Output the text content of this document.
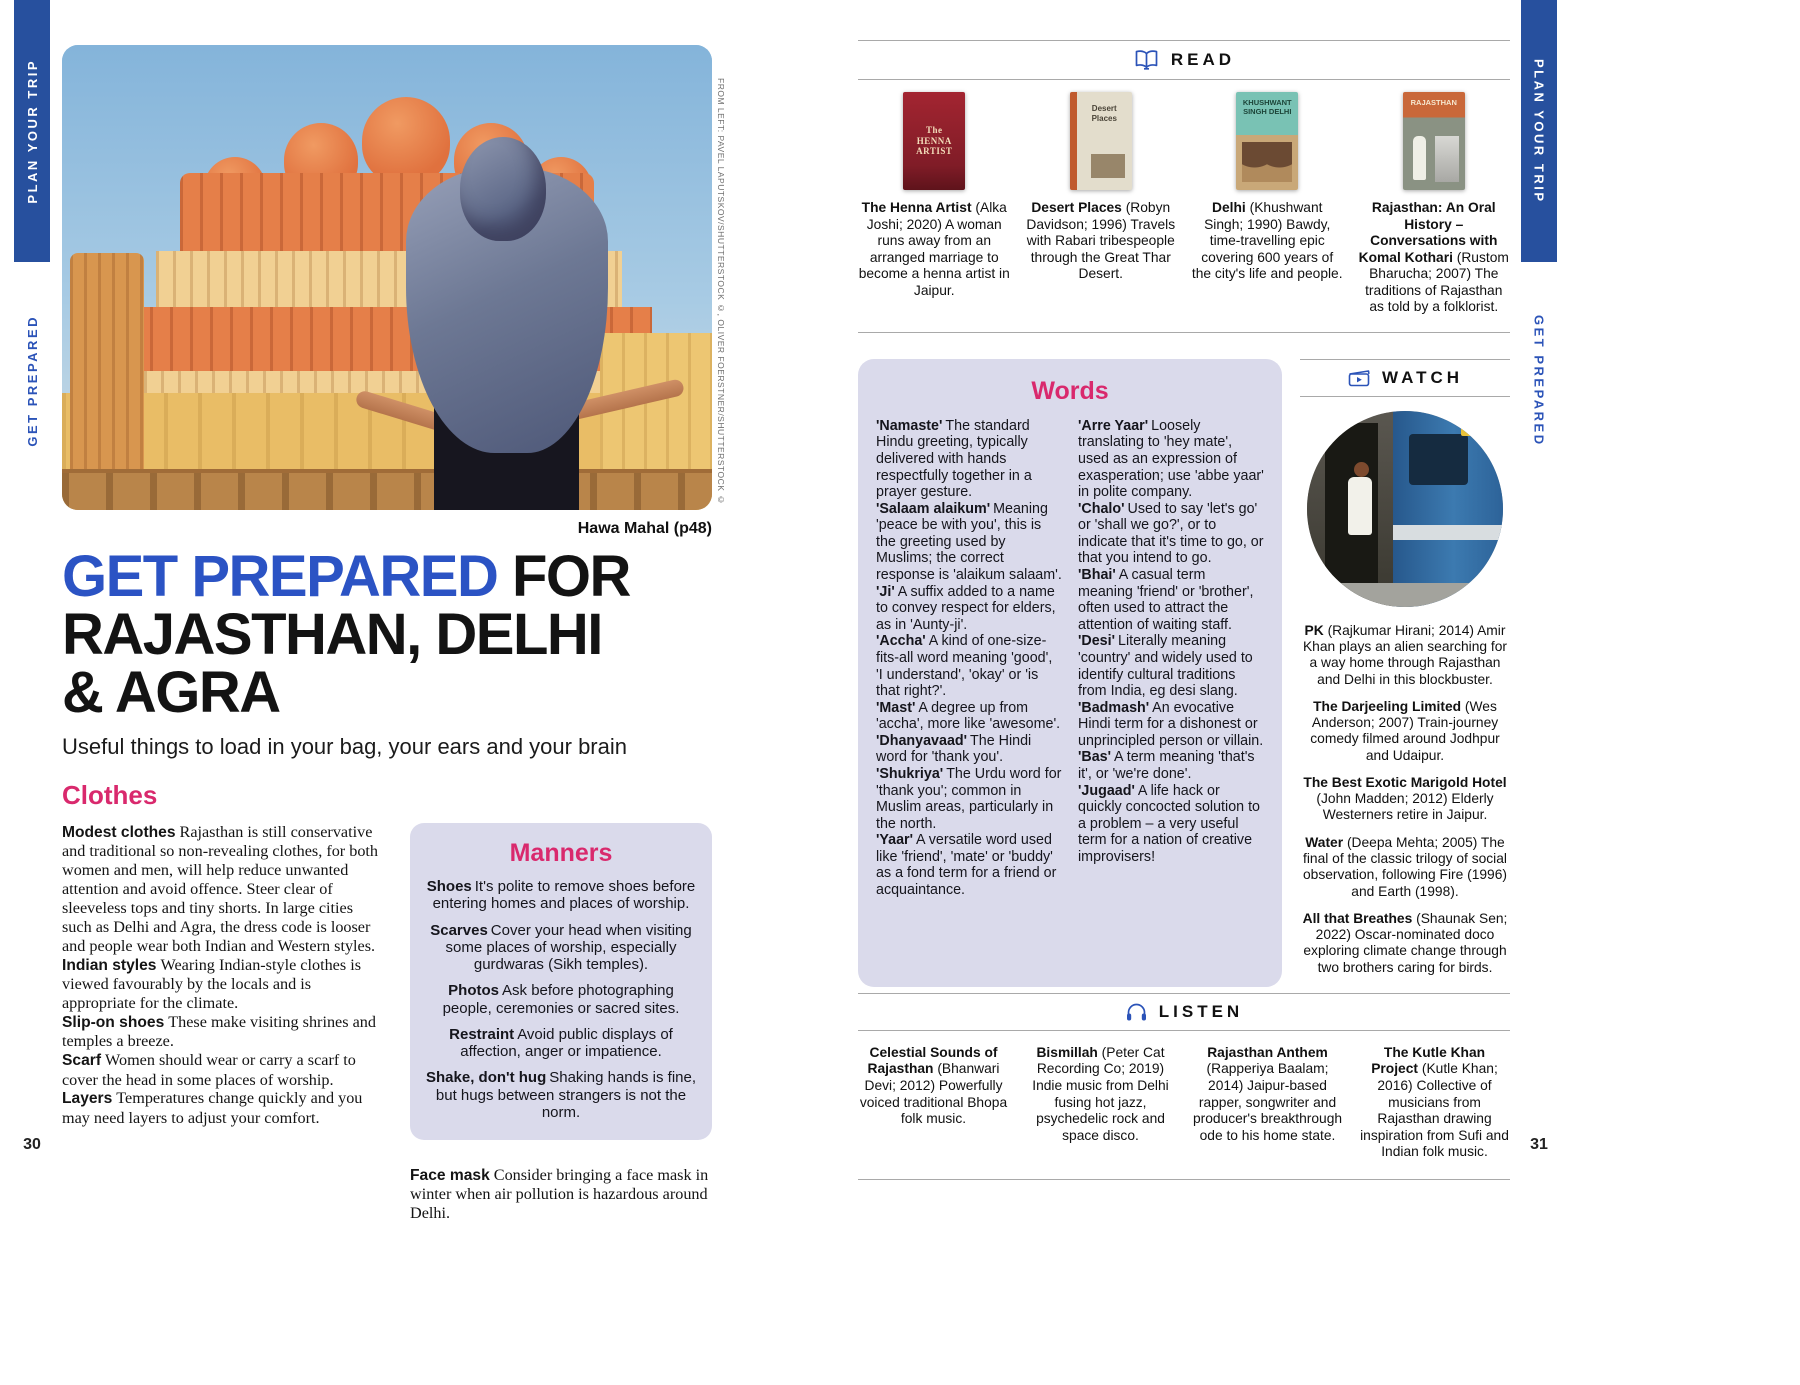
PLAN YOUR TRIP
GET PREPARED
30
Hawa Mahal (p48)
GET PREPARED FOR
RAJASTHAN, DELHI
& AGRA

Useful things to load in your bag, your ears and your brain

Clothes

Modest clothes Rajasthan is still conservative and traditional so non-revealing clothes, for both women and men, will help reduce unwanted attention and avoid offence. Steer clear of sleeveless tops and tiny shorts. In large cities such as Delhi and Agra, the dress code is looser and people wear both Indian and Western styles.

Indian styles Wearing Indian-style clothes is viewed favourably by the locals and is appropriate for the climate.

Slip-on shoes These make visiting shrines and temples a breeze.

Scarf Women should wear or carry a scarf to cover the head in some places of worship.

Layers Temperatures change quickly and you may need layers to adjust your comfort.

Manners

Shoes It's polite to remove shoes before entering homes and places of worship.

Scarves Cover your head when visiting some places of worship, especially gurdwaras (Sikh temples).

Photos Ask before photographing people, ceremonies or sacred sites.

Restraint Avoid public displays of affection, anger or impatience.

Shake, don't hug Shaking hands is fine, but hugs between strangers is not the norm.

Face mask Consider bringing a face mask in winter when air pollution is hazardous around Delhi.

FROM LEFT: PAVEL LAPUTSKOV/SHUTTERSTOCK ©, OLIVER FOERSTNER/SHUTTERSTOCK ©
READ
The HENNA ARTIST

The Henna Artist (Alka Joshi; 2020) A woman runs away from an arranged marriage to become a henna artist in Jaipur.

Desert Places

Desert Places (Robyn Davidson; 1996) Travels with Rabari tribespeople through the Great Thar Desert.

KHUSHWANT SINGH DELHI

Delhi (Khushwant Singh; 1990) Bawdy, time-travelling epic covering 600 years of the city's life and people.

RAJASTHAN

Rajasthan: An Oral History – Conversations with Komal Kothari (Rustom Bharucha; 2007) The traditions of Rajasthan as told by a folklorist.

Words

'Namaste' The standard Hindu greeting, typically delivered with hands respectfully together in a prayer gesture.

'Salaam alaikum' Meaning 'peace be with you', this is the greeting used by Muslims; the correct response is 'alaikum salaam'.

'Ji' A suffix added to a name to convey respect for elders, as in 'Aunty-ji'.

'Accha' A kind of one-size-fits-all word meaning 'good', 'I understand', 'okay' or 'is that right?'.

'Mast' A degree up from 'accha', more like 'awesome'.

'Dhanyavaad' The Hindi word for 'thank you'.

'Shukriya' The Urdu word for 'thank you'; common in Muslim areas, particularly in the north.

'Yaar' A versatile word used like 'friend', 'mate' or 'buddy' as a fond term for a friend or acquaintance.

'Arre Yaar' Loosely translating to 'hey mate', used as an expression of exasperation; use 'abbe yaar' in polite company.

'Chalo' Used to say 'let's go' or 'shall we go?', or to indicate that it's time to go, or that you intend to go.

'Bhai' A casual term meaning 'friend' or 'brother', often used to attract the attention of waiting staff.

'Desi' Literally meaning 'country' and widely used to identify cultural traditions from India, eg desi slang.

'Badmash' An evocative Hindi term for a dishonest or unprincipled person or villain.

'Bas' A term meaning 'that's it', or 'we're done'.

'Jugaad' A life hack or quickly concocted solution to a problem – a very useful term for a nation of creative improvisers!

WATCH

PK (Rajkumar Hirani; 2014) Amir Khan plays an alien searching for a way home through Rajasthan and Delhi in this blockbuster.

The Darjeeling Limited (Wes Anderson; 2007) Train-journey comedy filmed around Jodhpur and Udaipur.

The Best Exotic Marigold Hotel (John Madden; 2012) Elderly Westerners retire in Jaipur.

Water (Deepa Mehta; 2005) The final of the classic trilogy of social observation, following Fire (1996) and Earth (1998).

All that Breathes (Shaunak Sen; 2022) Oscar-nominated doco exploring climate change through two brothers caring for birds.

LISTEN

Celestial Sounds of Rajasthan (Bhanwari Devi; 2012) Powerfully voiced traditional Bhopa folk music.

Bismillah (Peter Cat Recording Co; 2019) Indie music from Delhi fusing hot jazz, psychedelic rock and space disco.

Rajasthan Anthem (Rapperiya Baalam; 2014) Jaipur-based rapper, songwriter and producer's breakthrough ode to his home state.

The Kutle Khan Project (Kutle Khan; 2016) Collective of musicians from Rajasthan drawing inspiration from Sufi and Indian folk music.

PLAN YOUR TRIP
GET PREPARED
31
